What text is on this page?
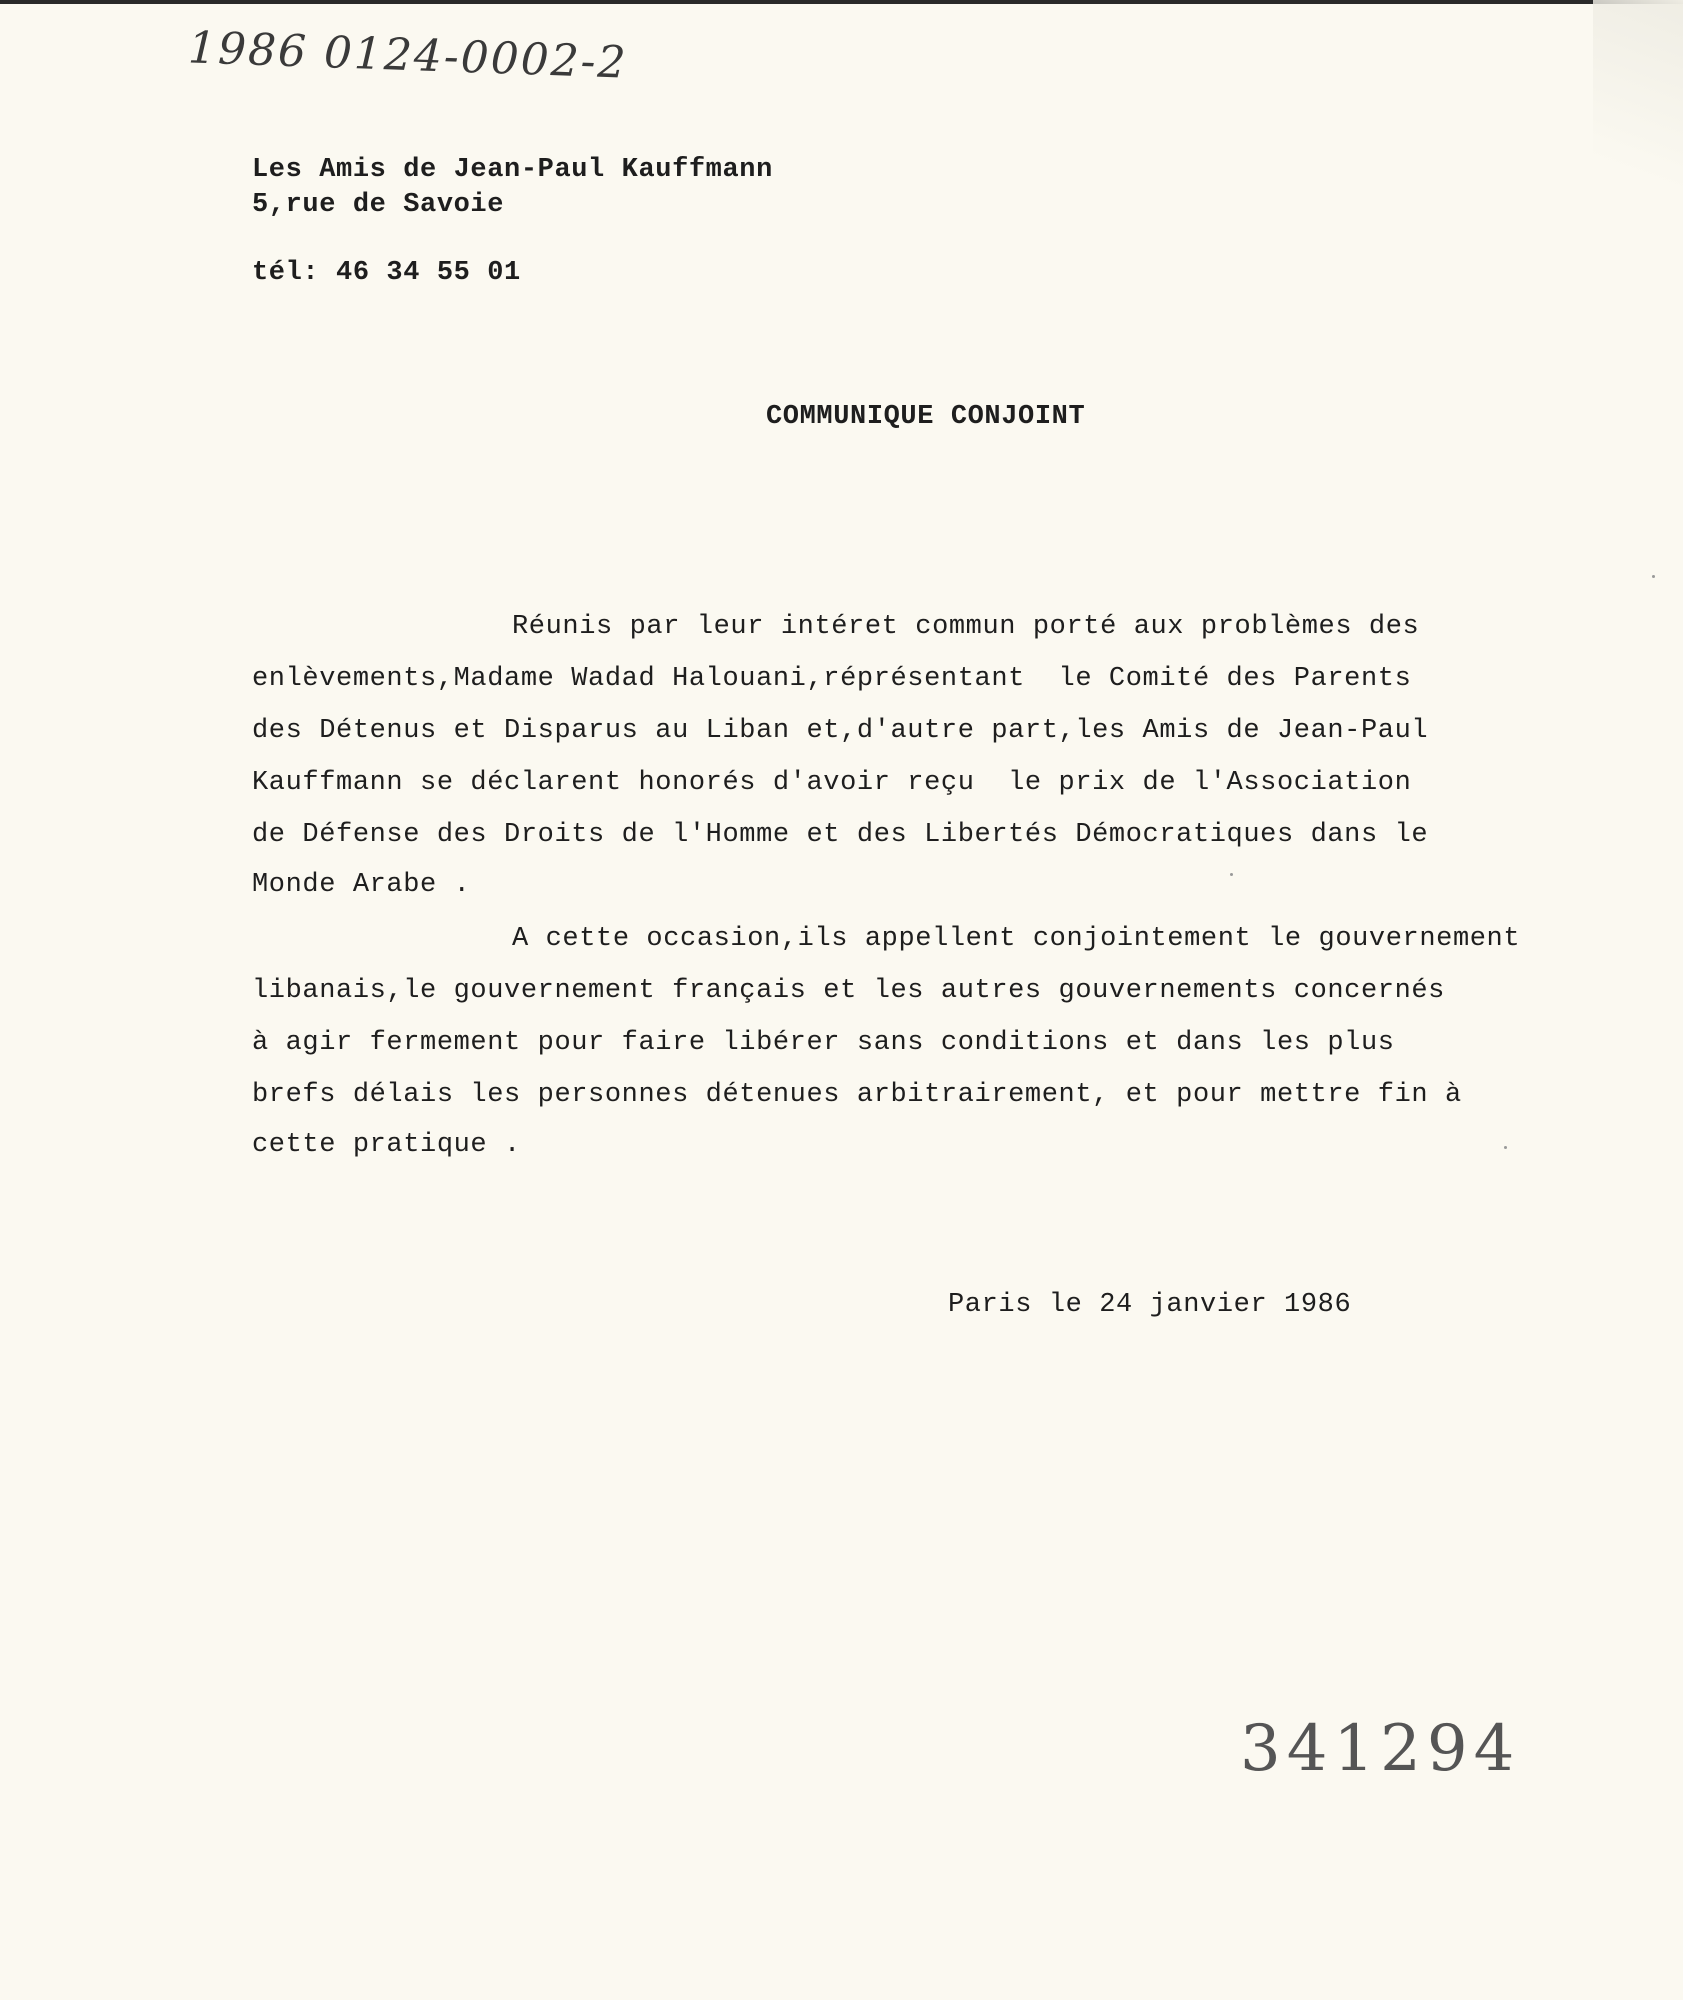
1986 0124-0002-2
Les Amis de Jean-Paul Kauffmann
5,rue de Savoie
tél: 46 34 55 01
COMMUNIQUE CONJOINT
Réunis par leur intéret commun porté aux problèmes des
enlèvements,Madame Wadad Halouani,réprésentant  le Comité des Parents
des Détenus et Disparus au Liban et,d'autre part,les Amis de Jean-Paul
Kauffmann se déclarent honorés d'avoir reçu  le prix de l'Association
de Défense des Droits de l'Homme et des Libertés Démocratiques dans le
Monde Arabe .
A cette occasion,ils appellent conjointement le gouvernement
libanais,le gouvernement français et les autres gouvernements concernés
à agir fermement pour faire libérer sans conditions et dans les plus
brefs délais les personnes détenues arbitrairement, et pour mettre fin à
cette pratique .
Paris le 24 janvier 1986
341294
